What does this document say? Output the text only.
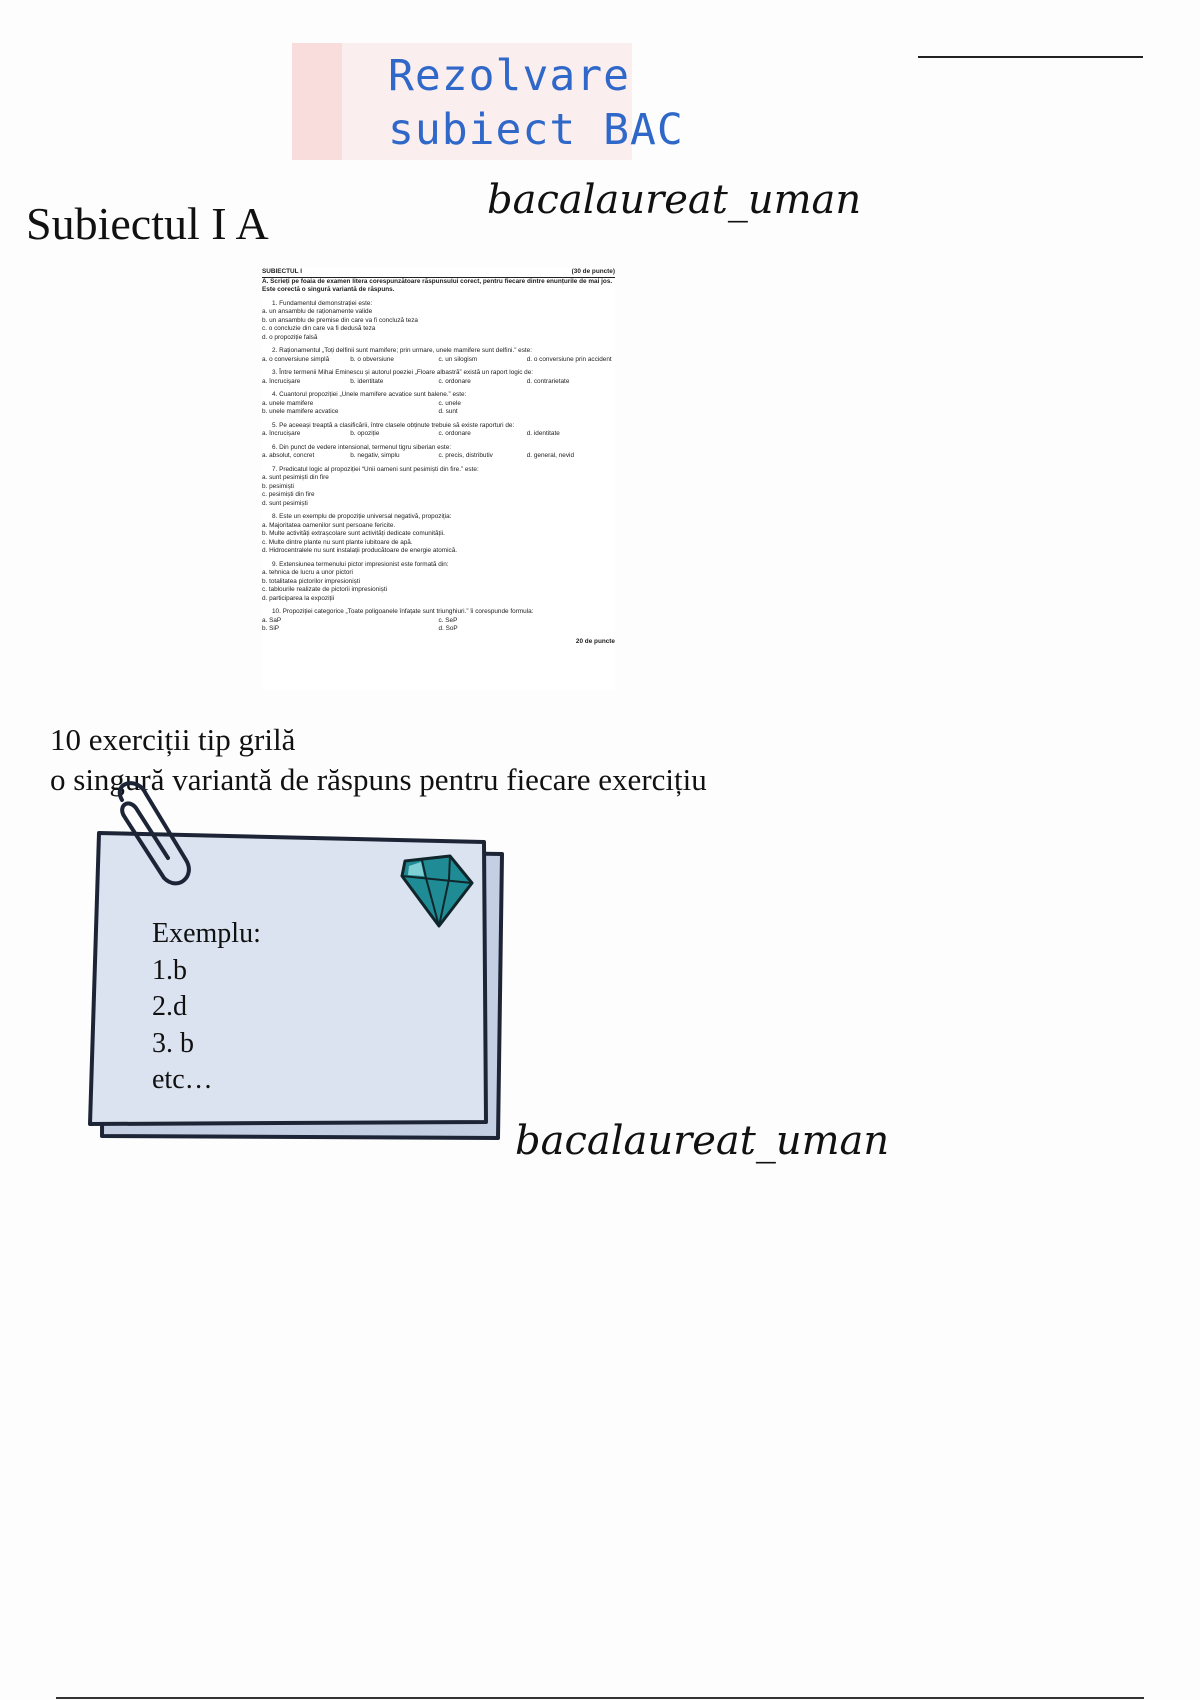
Rezolvare
subiect BAC
bacalaureat_uman
Subiectul I A
SUBIECTUL I	(30 de puncte)
A. Scrieți pe foaia de examen litera corespunzătoare răspunsului corect, pentru fiecare dintre enunțurile de mai jos. Este corectă o singură variantă de răspuns.
1. Fundamentul demonstrației este:
a. un ansamblu de raționamente valide
b. un ansamblu de premise din care va fi concluză teza
c. o concluzie din care va fi dedusă teza
d. o propoziție falsă
2. Raționamentul „Toți delfinii sunt mamifere; prin urmare, unele mamifere sunt delfini.” este:
a. o conversiune simplă	b. o obversiune	c. un silogism	d. o conversiune prin accident
3. Între termenii Mihai Eminescu și autorul poeziei „Floare albastră” există un raport logic de:
a. încrucișare	b. identitate	c. ordonare	d. contrarietate
4. Cuantorul propoziției „Unele mamifere acvatice sunt balene.” este:
a. unele mamifere	c. unele
b. unele mamifere acvatice	d. sunt
5. Pe aceeași treaptă a clasificării, între clasele obținute trebuie să existe raporturi de:
a. încrucișare	b. opoziție	c. ordonare	d. identitate
6. Din punct de vedere intensional, termenul tigru siberian este:
a. absolut, concret	b. negativ, simplu	c. precis, distributiv	d. general, nevid
7. Predicatul logic al propoziției “Unii oameni sunt pesimiști din fire.” este:
a. sunt pesimiști din fire
b. pesimiști
c. pesimiști din fire
d. sunt pesimiști
8. Este un exemplu de propoziție universal negativă, propoziția:
a. Majoritatea oamenilor sunt persoane fericite.
b. Multe activități extrașcolare sunt activități dedicate comunității.
c. Multe dintre plante nu sunt plante iubitoare de apă.
d. Hidrocentralele nu sunt instalații producătoare de energie atomică.
9. Extensiunea termenului pictor impresionist este formată din:
a. tehnica de lucru a unor pictori
b. totalitatea pictorilor impresioniști
c. tablourile realizate de pictorii impresioniști
d. participarea la expoziții
10. Propoziției categorice „Toate poligoanele înfațate sunt triunghiuri.” îi corespunde formula:
a. SaP	c. SeP
b. SiP	d. SoP
20 de puncte
10 exerciții tip grilă
o singură variantă de răspuns pentru fiecare exercițiu
Exemplu:
1.b
2.d
3. b
etc…
bacalaureat_uman
